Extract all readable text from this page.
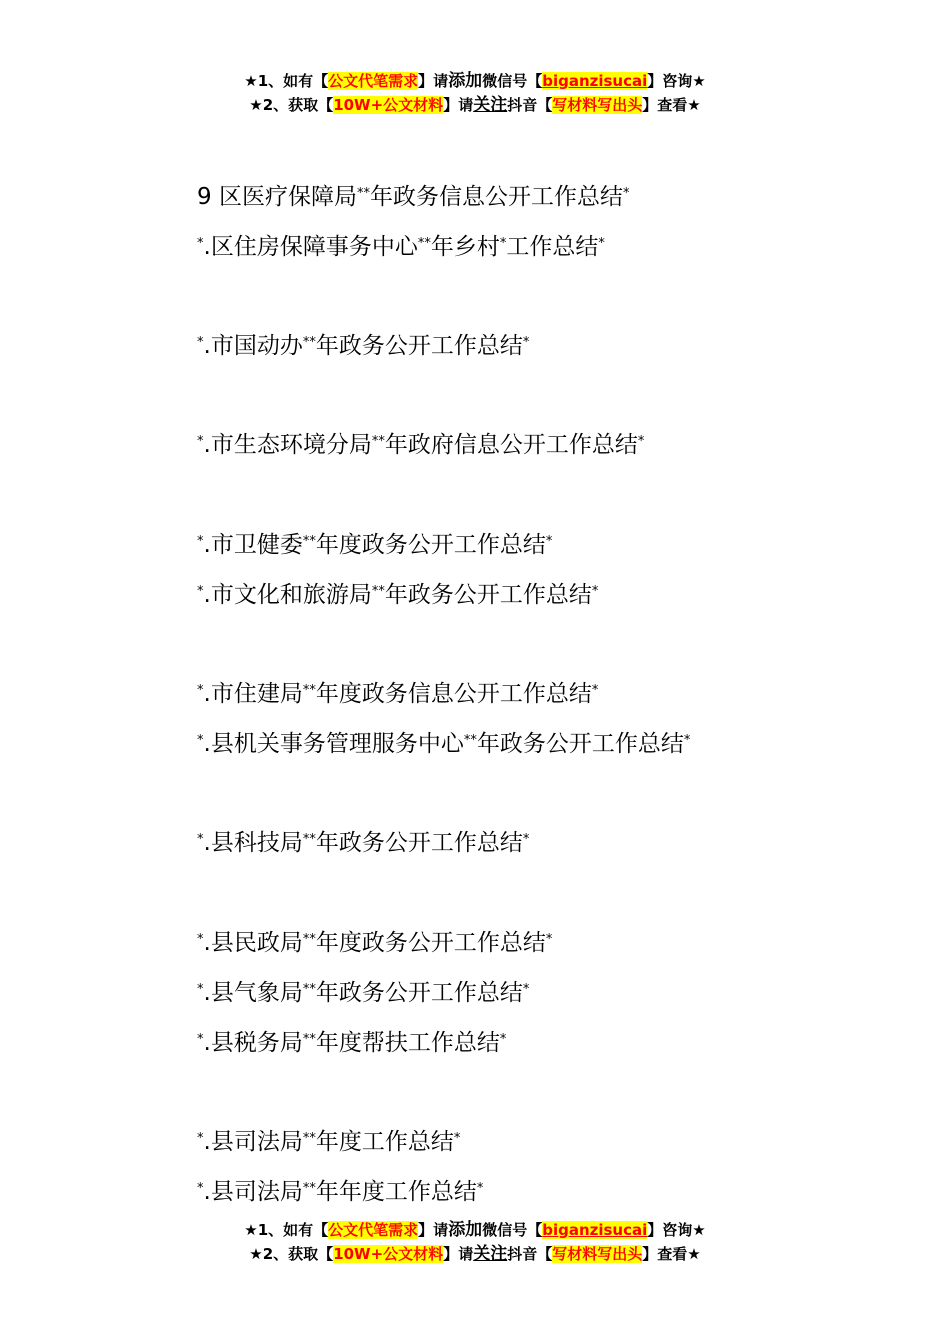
★1、如有【公文代笔需求】请添加微信号【biganzisucai】咨询★
★2、获取【10W+公文材料】请关注抖音【写材料写出头】查看★
9 区医疗保障局**年政务信息公开工作总结*
*.区住房保障事务中心**年乡村*工作总结*
*.市国动办**年政务公开工作总结*
*.市生态环境分局**年政府信息公开工作总结*
*.市卫健委**年度政务公开工作总结*
*.市文化和旅游局**年政务公开工作总结*
*.市住建局**年度政务信息公开工作总结*
*.县机关事务管理服务中心**年政务公开工作总结*
*.县科技局**年政务公开工作总结*
*.县民政局**年度政务公开工作总结*
*.县气象局**年政务公开工作总结*
*.县税务局**年度帮扶工作总结*
*.县司法局**年度工作总结*
*.县司法局**年年度工作总结*
★1、如有【公文代笔需求】请添加微信号【biganzisucai】咨询★
★2、获取【10W+公文材料】请关注抖音【写材料写出头】查看★
